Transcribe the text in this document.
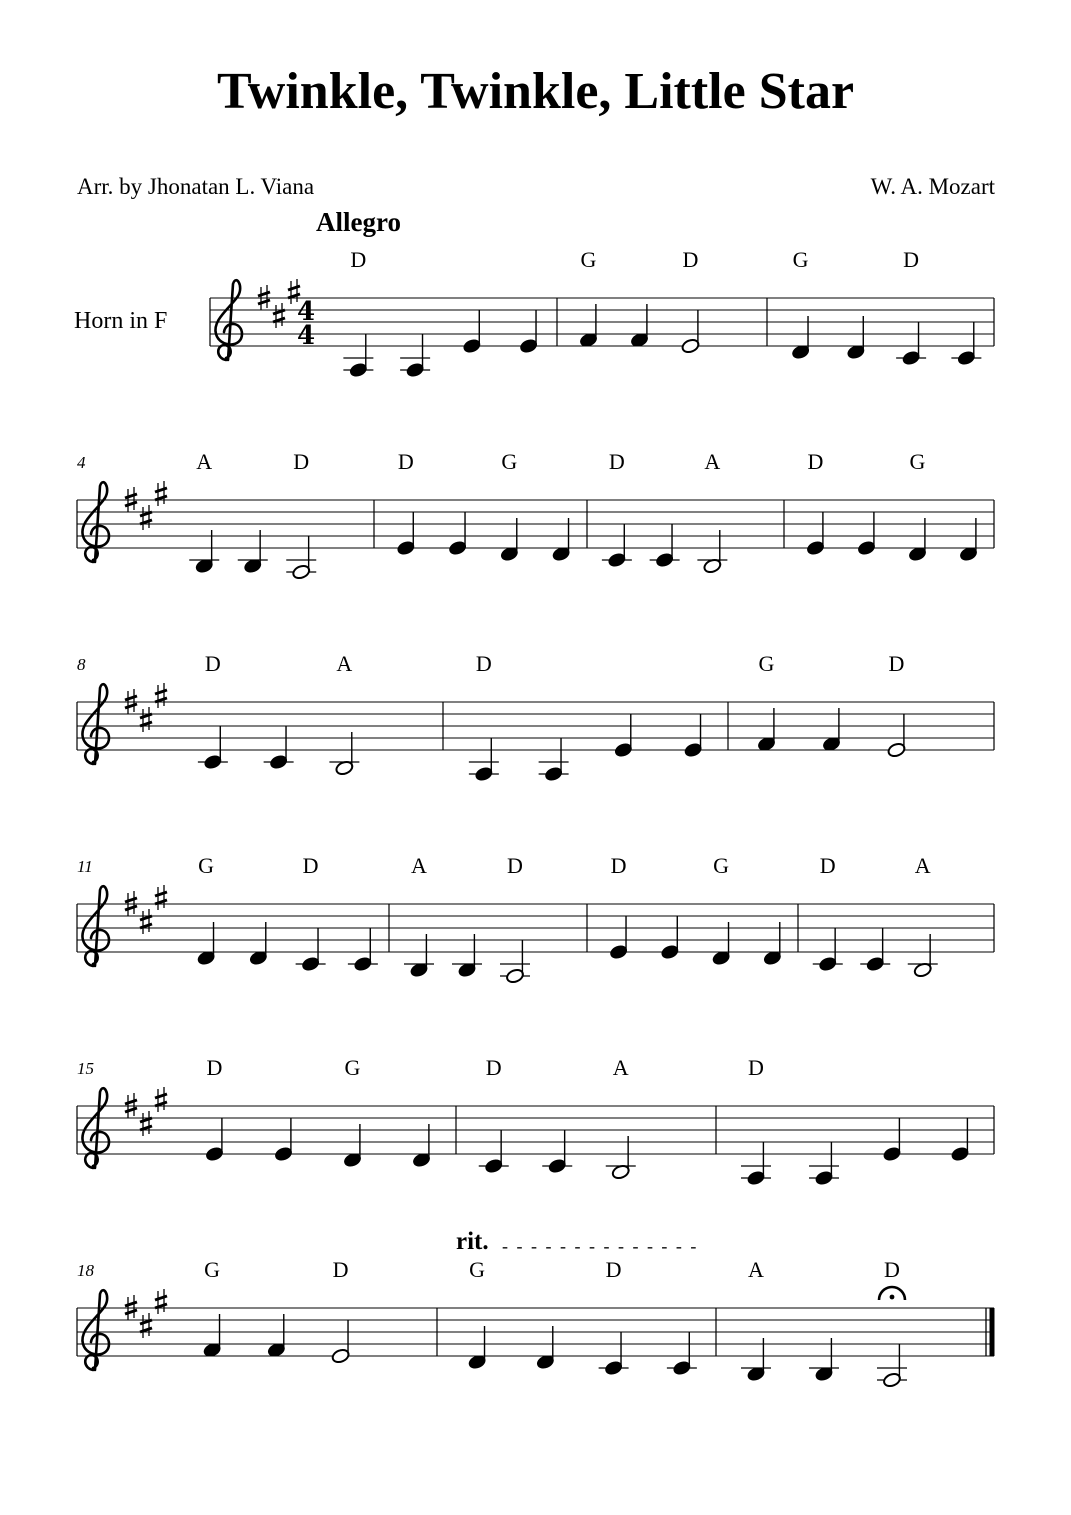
Twinkle, Twinkle, Little Star
Arr. by Jhonatan L. Viana	W. A. Mozart
Allegro
Horn in F
rit. - - - - - - - - - - - - - -
4
4
D	G	D	G	D
4	A	D	D	G	D	A	D	G
8	D	A	D	G	D
11	G	D	A	D	D	G	D	A
15	D	G	D	A	D
18	G	D	G	D	A	D
